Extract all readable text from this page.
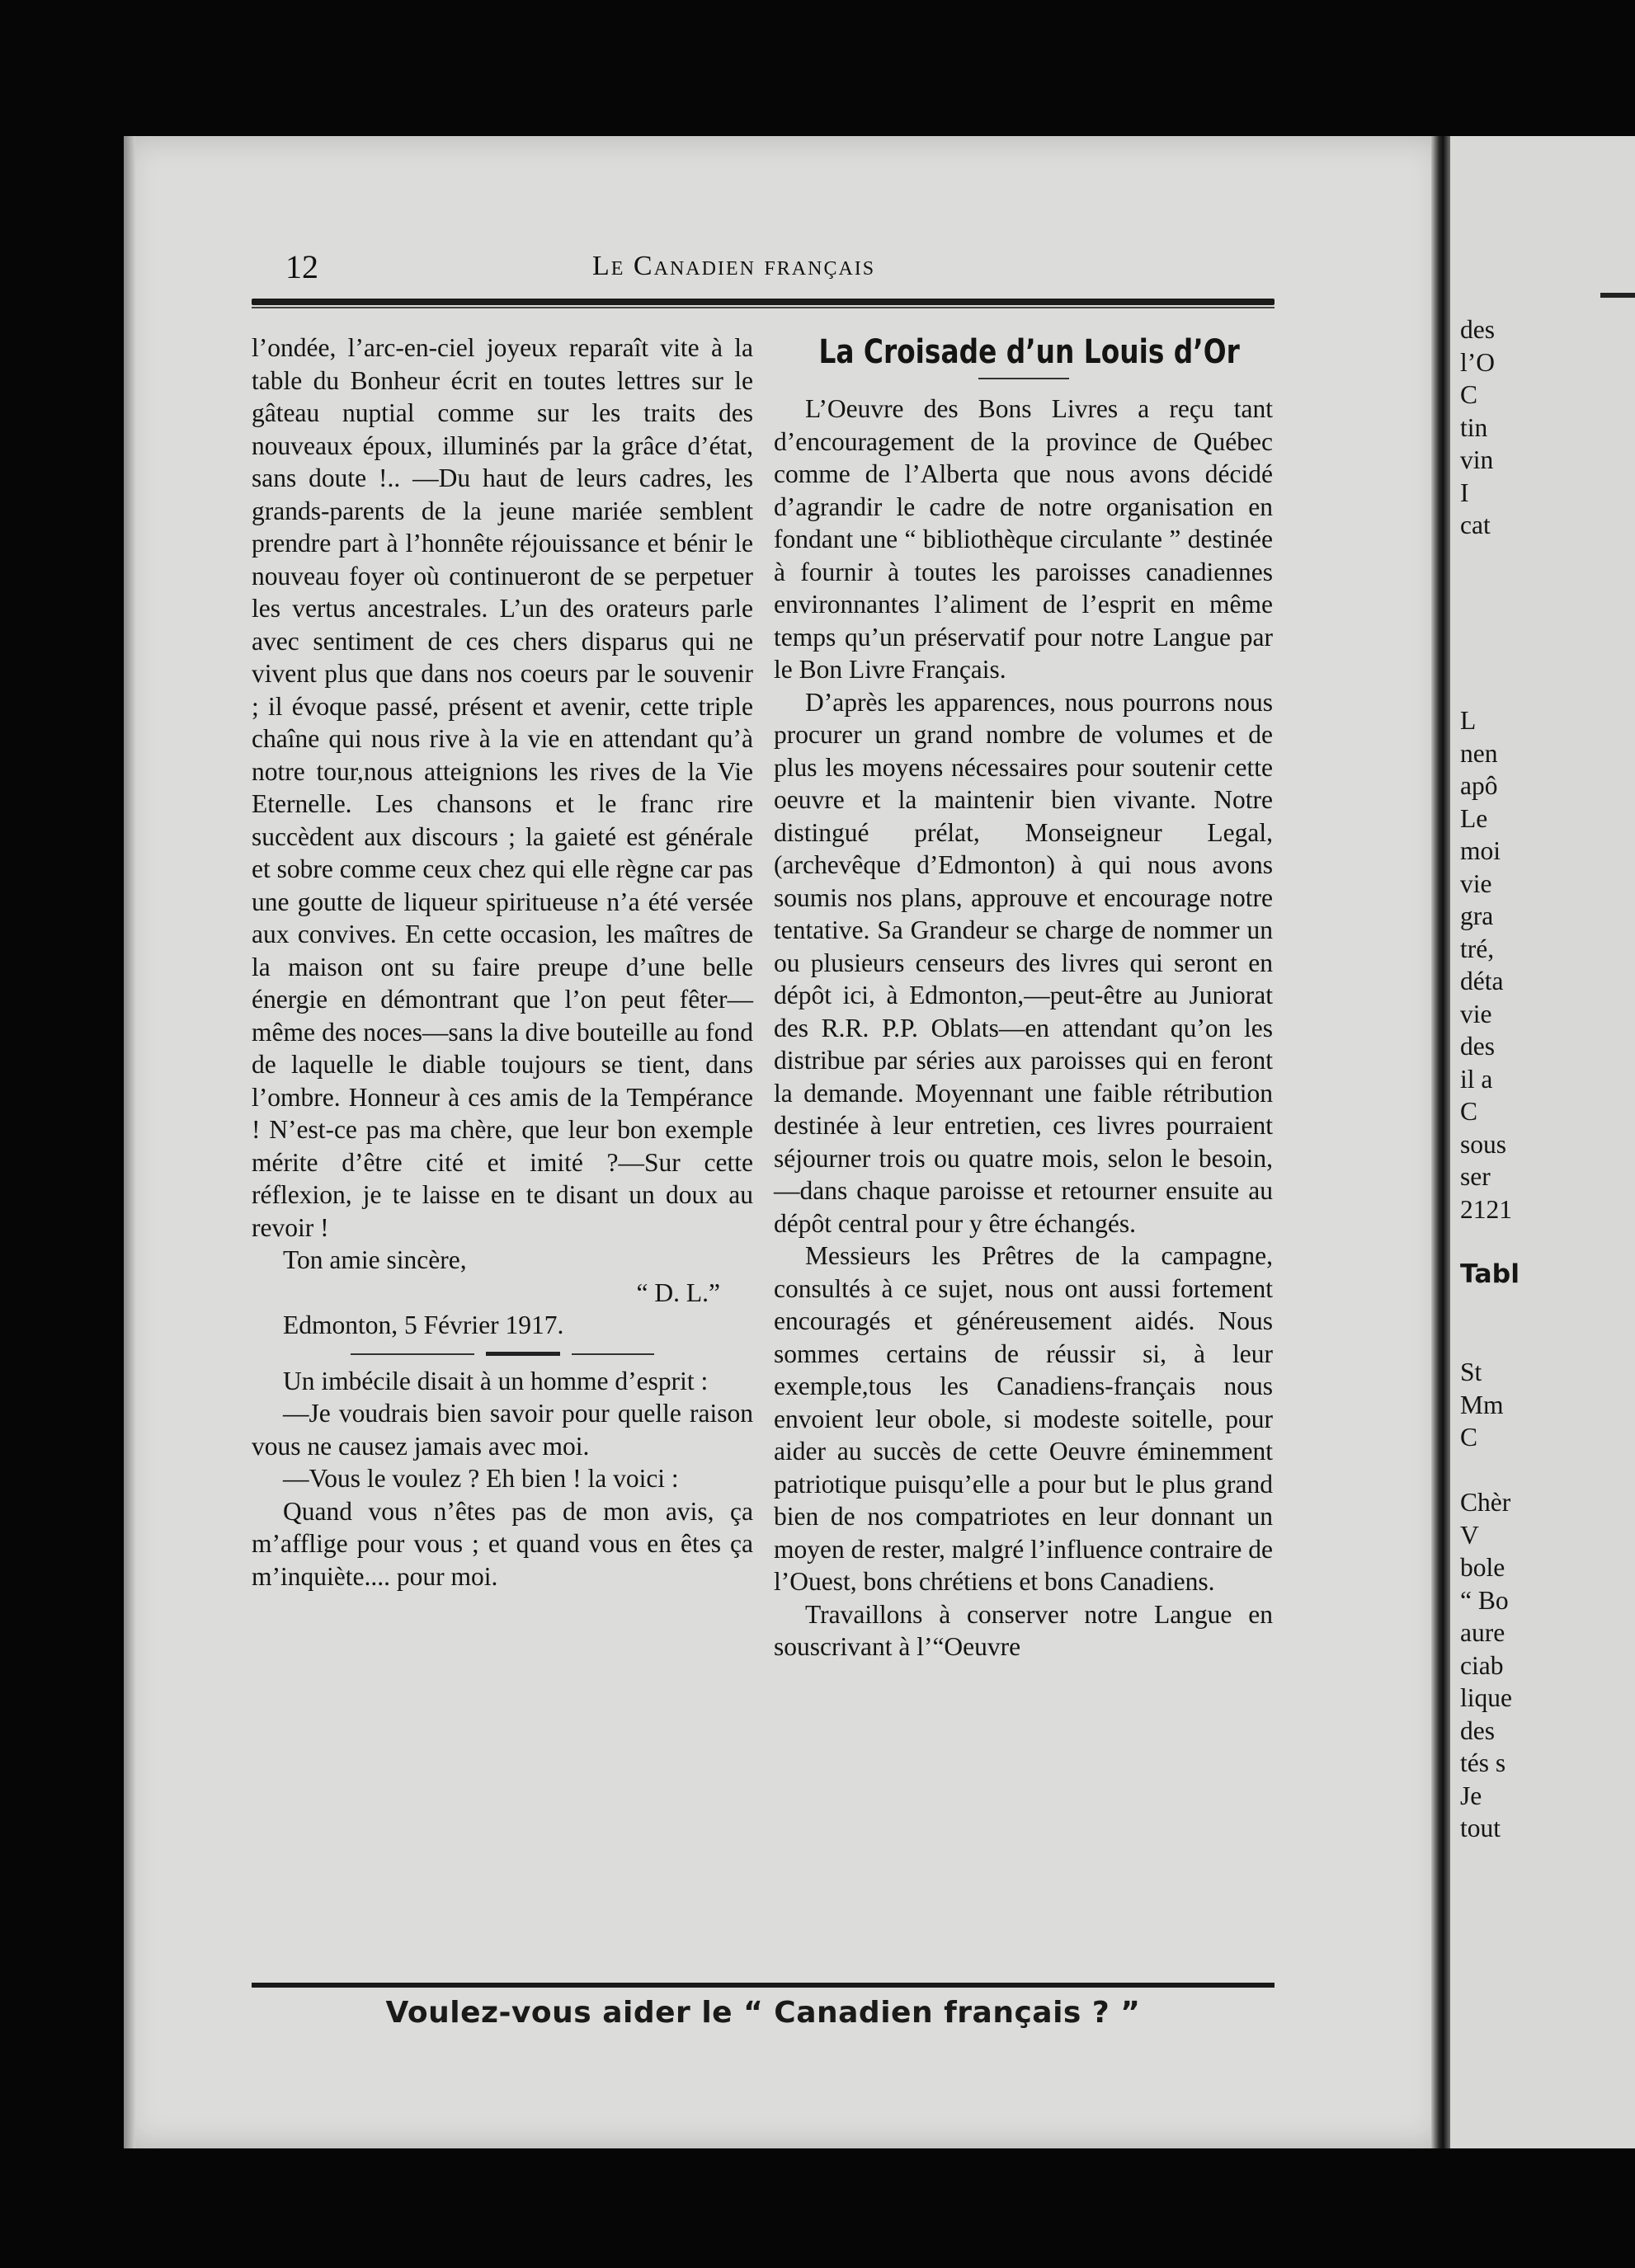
12	Le Canadien français

l’ondée, l’arc-en-ciel joyeux reparaît vite à la table du Bonheur écrit en toutes lettres sur le gâteau nuptial comme sur les traits des nouveaux époux, illuminés par la grâce d’état, sans doute !.. —Du haut de leurs cadres, les grands-parents de la jeune mariée semblent prendre part à l’honnête réjouissance et bénir le nouveau foyer où continueront de se perpetuer les vertus ancestrales. L’un des orateurs parle avec sentiment de ces chers disparus qui ne vivent plus que dans nos coeurs par le souvenir ; il évoque passé, présent et avenir, cette triple chaîne qui nous rive à la vie en attendant qu’à notre tour,nous atteignions les rives de la Vie Eternelle. Les chansons et le franc rire succèdent aux discours ; la gaieté est générale et sobre comme ceux chez qui elle règne car pas une goutte de liqueur spiritueuse n’a été versée aux convives. En cette occasion, les maîtres de la maison ont su faire preupe d’une belle énergie en démontrant que l’on peut fêter—même des noces—sans la dive bouteille au fond de laquelle le diable toujours se tient, dans l’ombre. Honneur à ces amis de la Tempérance ! N’est-ce pas ma chère, que leur bon exemple mérite d’être cité et imité ?—Sur cette réflexion, je te laisse en te disant un doux au revoir !

Ton amie sincère,

“ D. L.”

Edmonton, 5 Février 1917.

Un imbécile disait à un homme d’esprit :

—Je voudrais bien savoir pour quelle raison vous ne causez jamais avec moi.

—Vous le voulez ? Eh bien ! la voici :

Quand vous n’êtes pas de mon avis, ça m’afflige pour vous ; et quand vous en êtes ça m’inquiète.... pour moi.

La Croisade d’un Louis d’Or

L’Oeuvre des Bons Livres a reçu tant d’encouragement de la province de Québec comme de l’Alberta que nous avons décidé d’agrandir le cadre de notre organisation en fondant une “ bibliothèque circulante ” destinée à fournir à toutes les paroisses canadiennes environnantes l’aliment de l’esprit en même temps qu’un préservatif pour notre Langue par le Bon Livre Français.

D’après les apparences, nous pourrons nous procurer un grand nombre de volumes et de plus les moyens nécessaires pour soutenir cette oeuvre et la maintenir bien vivante. Notre distingué prélat, Monseigneur Legal, (archevêque d’Edmonton) à qui nous avons soumis nos plans, approuve et encourage notre tentative. Sa Grandeur se charge de nommer un ou plusieurs censeurs des livres qui seront en dépôt ici, à Edmonton,—peut-être au Juniorat des R.R. P.P. Oblats—en attendant qu’on les distribue par séries aux paroisses qui en feront la demande. Moyennant une faible rétribution destinée à leur entretien, ces livres pourraient séjourner trois ou quatre mois, selon le besoin,—dans chaque paroisse et retourner ensuite au dépôt central pour y être échangés.

Messieurs les Prêtres de la campagne, consultés à ce sujet, nous ont aussi fortement encouragés et généreusement aidés. Nous sommes certains de réussir si, à leur exemple,tous les Canadiens-français nous envoient leur obole, si modeste soitelle, pour aider au succès de cette Oeuvre éminemment patriotique puisqu’elle a pour but le plus grand bien de nos compatriotes en leur donnant un moyen de rester, malgré l’influence contraire de l’Ouest, bons chrétiens et bons Canadiens.

Travaillons à conserver notre Langue en souscrivant à l’“Oeuvre

Voulez-vous aider le “ Canadien français ? ”
des
l’O
C
tin
vin
I
cat
L
nen
apô
Le
moi
vie
gra
tré,
déta
vie
des
il a
C
sous
ser
2121
Tabl
St
Mm
C
Chèr
V
bole
“ Bo
aure
ciab
lique
des
tés s
Je
tout
